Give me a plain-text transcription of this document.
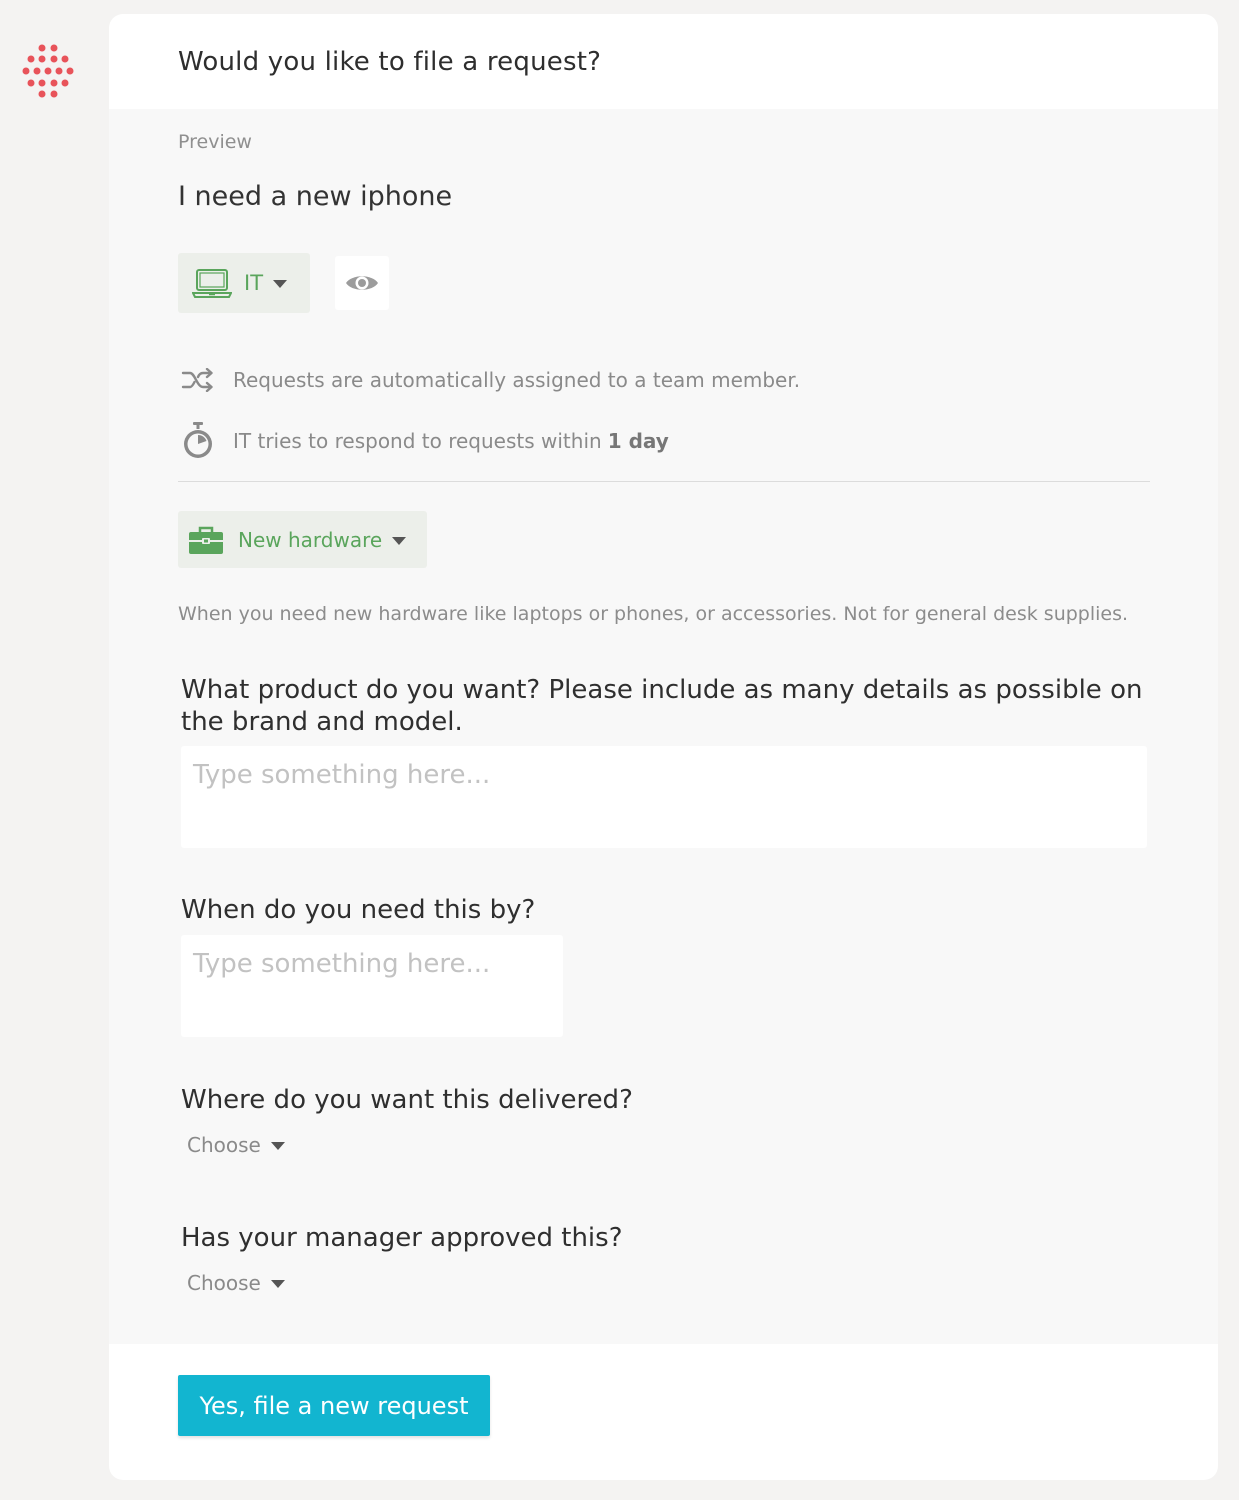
Would you like to file a request?
Preview
I need a new iphone
IT
Requests are automatically assigned to a team member.
IT tries to respond to requests within 1 day
New hardware
When you need new hardware like laptops or phones, or accessories. Not for general desk supplies.
What product do you want? Please include as many details as possible on the brand and model.
Type something here...
When do you need this by?
Type something here...
Where do you want this delivered?
Choose
Has your manager approved this?
Choose
Yes, file a new request
